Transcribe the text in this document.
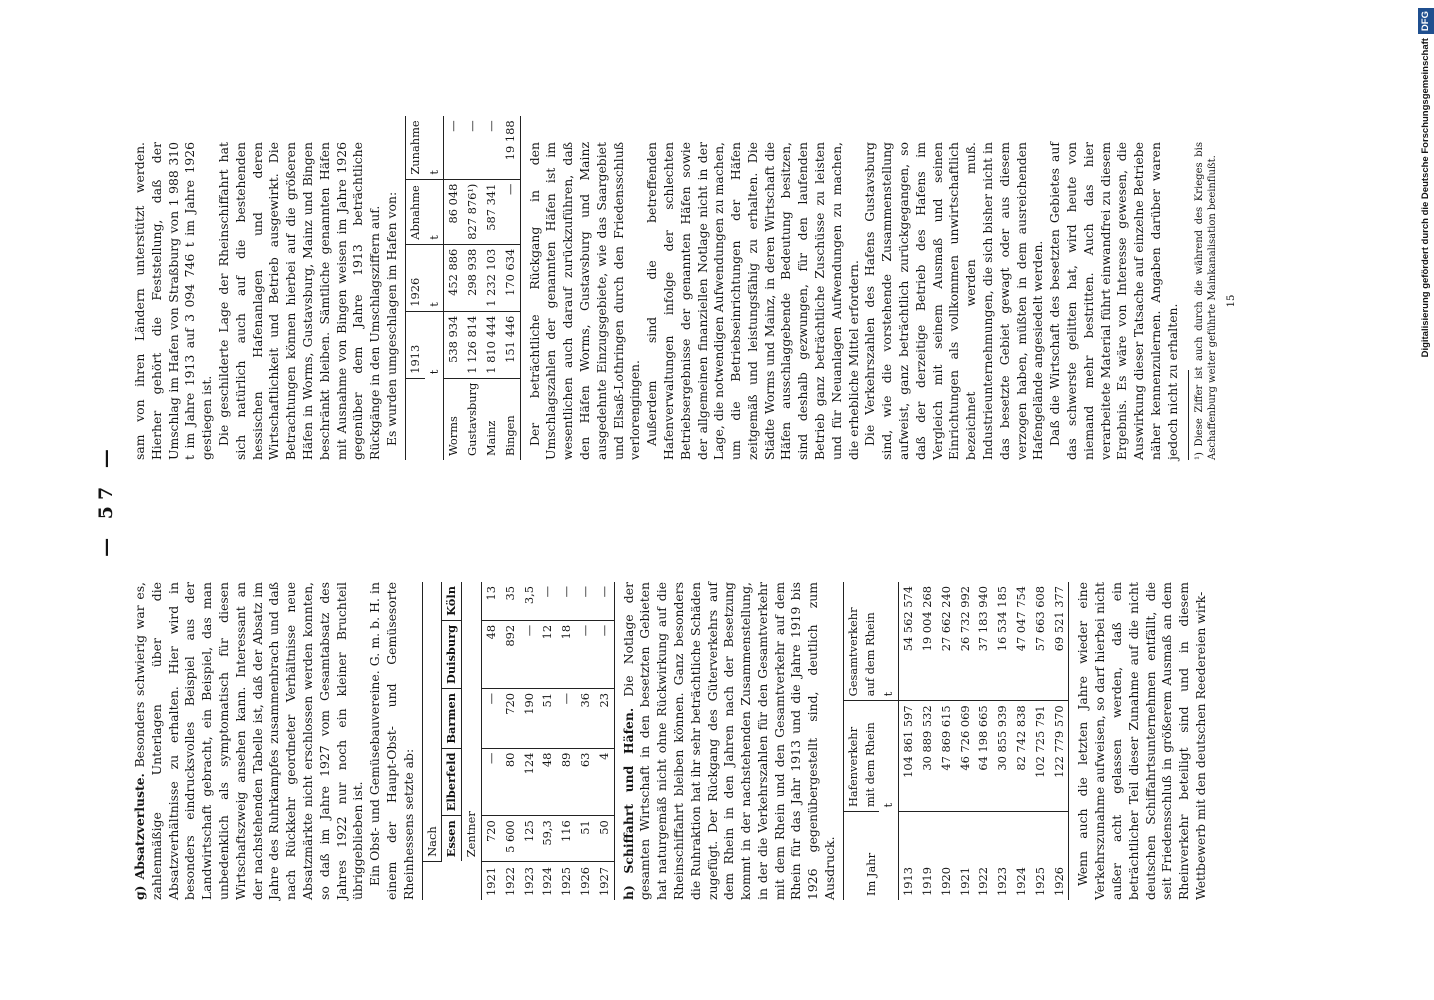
— 57 —

g) Absatzverluste. Besonders schwierig war es, zahlenmäßige Unterlagen über die Absatzverhältnisse zu erhalten. Hier wird in besonders eindrucksvolles Beispiel aus der Landwirtschaft gebracht, ein Beispiel, das man unbedenklich als symptomatisch für diesen Wirtschaftszweig ansehen kann. Interessant an der nachstehenden Tabelle ist, daß der Absatz im Jahre des Ruhrkampfes zusammenbrach und daß nach Rückkehr geordneter Verhältnisse neue Absatzmärkte nicht erschlossen werden konnten, so daß im Jahre 1927 vom Gesamtabsatz des Jahres 1922 nur noch ein kleiner Bruchteil übriggeblieben ist. Ein Obst- und Gemüsebauvereine. G. m. b. H. in einem der Haupt-Obst- und Gemüsesorte Rheinhessens setzte ab:

	Nach				
	Essen	Elberfeld	Barmen	Duisburg	Köln
	Zentner				
1921	720	—	—	48	13
1922	5 600	80	720	892	35
1923	125	124	190	—	3,5
1924	59,3	48	51	12	—
1925	116	89	—	18	—
1926	51	63	36	—	—
1927	50	4	23	—	—

h) Schiffahrt und Häfen. Die Notlage der gesamten Wirtschaft in den besetzten Gebieten hat naturgemäß nicht ohne Rückwirkung auf die Rheinschiffahrt bleiben können. Ganz besonders die Ruhraktion hat ihr sehr beträchtliche Schäden zugefügt. Der Rückgang des Güterverkehrs auf dem Rhein in den Jahren nach der Besetzung kommt in der nachstehenden Zusammenstellung, in der die Verkehrszahlen für den Gesamtverkehr mit dem Rhein und den Gesamtverkehr auf dem Rhein für das Jahr 1913 und die Jahre 1919 bis 1926 gegenübergestellt sind, deutlich zum Ausdruck. Im Jahr	Hafenverkehr mit dem Rhein	Gesamtverkehr auf dem Rhein
	t	t
1913	104 861 597	54 562 574
1919	30 889 532	19 004 268
1920	47 869 615	27 662 240
1921	46 726 069	26 732 992
1922	64 198 665	37 183 940
1923	30 855 939	16 534 185
1924	82 742 838	47 047 754
1925	102 725 791	57 663 608
1926	122 779 570	69 521 377 Wenn auch die letzten Jahre wieder eine Verkehrszunahme aufweisen, so darf hierbei nicht außer acht gelassen werden, daß ein beträchtlicher Teil dieser Zunahme auf die nicht deutschen Schiffahrtsunternehmen entfällt, die seit Friedensschluß in größerem Ausmaß an dem Rheinverkehr beteiligt sind und in diesem Wettbewerb mit den deutschen Reedereien wirk-

sam von ihren Ländern unterstützt werden. Hierher gehört die Feststellung, daß der Umschlag im Hafen von Straßburg von 1 988 310 t im Jahre 1913 auf 3 094 746 t im Jahre 1926 gestiegen ist. Die geschilderte Lage der Rheinschiffahrt hat sich natürlich auch auf die bestehenden hessischen Hafenanlagen und deren Wirtschaftlichkeit und Betrieb ausgewirkt. Die Betrachtungen können hierbei auf die größeren Häfen in Worms, Gustavsburg, Mainz und Bingen beschränkt bleiben. Sämtliche genannten Häfen mit Ausnahme von Bingen weisen im Jahre 1926 gegenüber dem Jahre 1913 beträchtliche Rückgänge in den Umschlagsziffern auf. Es wurden umgeschlagen im Hafen von:

	1913	1926	Abnahme	Zunahme
	t	t	t	t
Worms	538 934	452 886	86 048	—
Gustavsburg	1 126 814	298 938	827 876¹)	—
Mainz	1 810 444	1 232 103	587 341	—
Bingen	151 446	170 634	—	19 188

Der beträchtliche Rückgang in den Umschlagszahlen der genannten Häfen ist im wesentlichen auch darauf zurückzuführen, daß den Häfen Worms, Gustavsburg und Mainz ausgedehnte Einzugsgebiete, wie das Saargebiet und Elsaß-Lothringen durch den Friedensschluß verlorengingen. Außerdem sind die betreffenden Hafenverwaltungen infolge der schlechten Betriebsergebnisse der genannten Häfen sowie der allgemeinen finanziellen Notlage nicht in der Lage, die notwendigen Aufwendungen zu machen, um die Betriebseinrichtungen der Häfen zeitgemäß und leistungsfähig zu erhalten. Die Städte Worms und Mainz, in deren Wirtschaft die Häfen ausschlaggebende Bedeutung besitzen, sind deshalb gezwungen, für den laufenden Betrieb ganz beträchtliche Zuschüsse zu leisten und für Neuanlagen Aufwendungen zu machen, die erhebliche Mittel erfordern. Die Verkehrszahlen des Hafens Gustavsburg sind, wie die vorstehende Zusammenstellung aufweist, ganz beträchtlich zurückgegangen, so daß der derzeitige Betrieb des Hafens im Vergleich mit seinem Ausmaß und seinen Einrichtungen als vollkommen unwirtschaftlich bezeichnet werden muß. Industrieunternehmungen, die sich bisher nicht in das besetzte Gebiet gewagt oder aus diesem verzogen haben, müßten in dem ausreichenden Hafengeländе angesiedelt werden. Daß die Wirtschaft des besetzten Gebietes auf das schwerste gelitten hat, wird heute von niemand mehr bestritten. Auch das hier verarbeitete Material führt einwandfrei zu diesem Ergebnis. Es wäre von Interesse gewesen, die Auswirkung dieser Tatsache auf einzelne Betriebe näher kennenzulernen. Angaben darüber waren jedoch nicht zu erhalten. ¹) Diese Ziffer ist auch durch die während des Krieges bis Aschaffenburg weiter geführte Mainkanalisation beeinflußt. 15	Digitalisierung gefördert durch die Deutsche ForschungsgemeinschaftDFG
